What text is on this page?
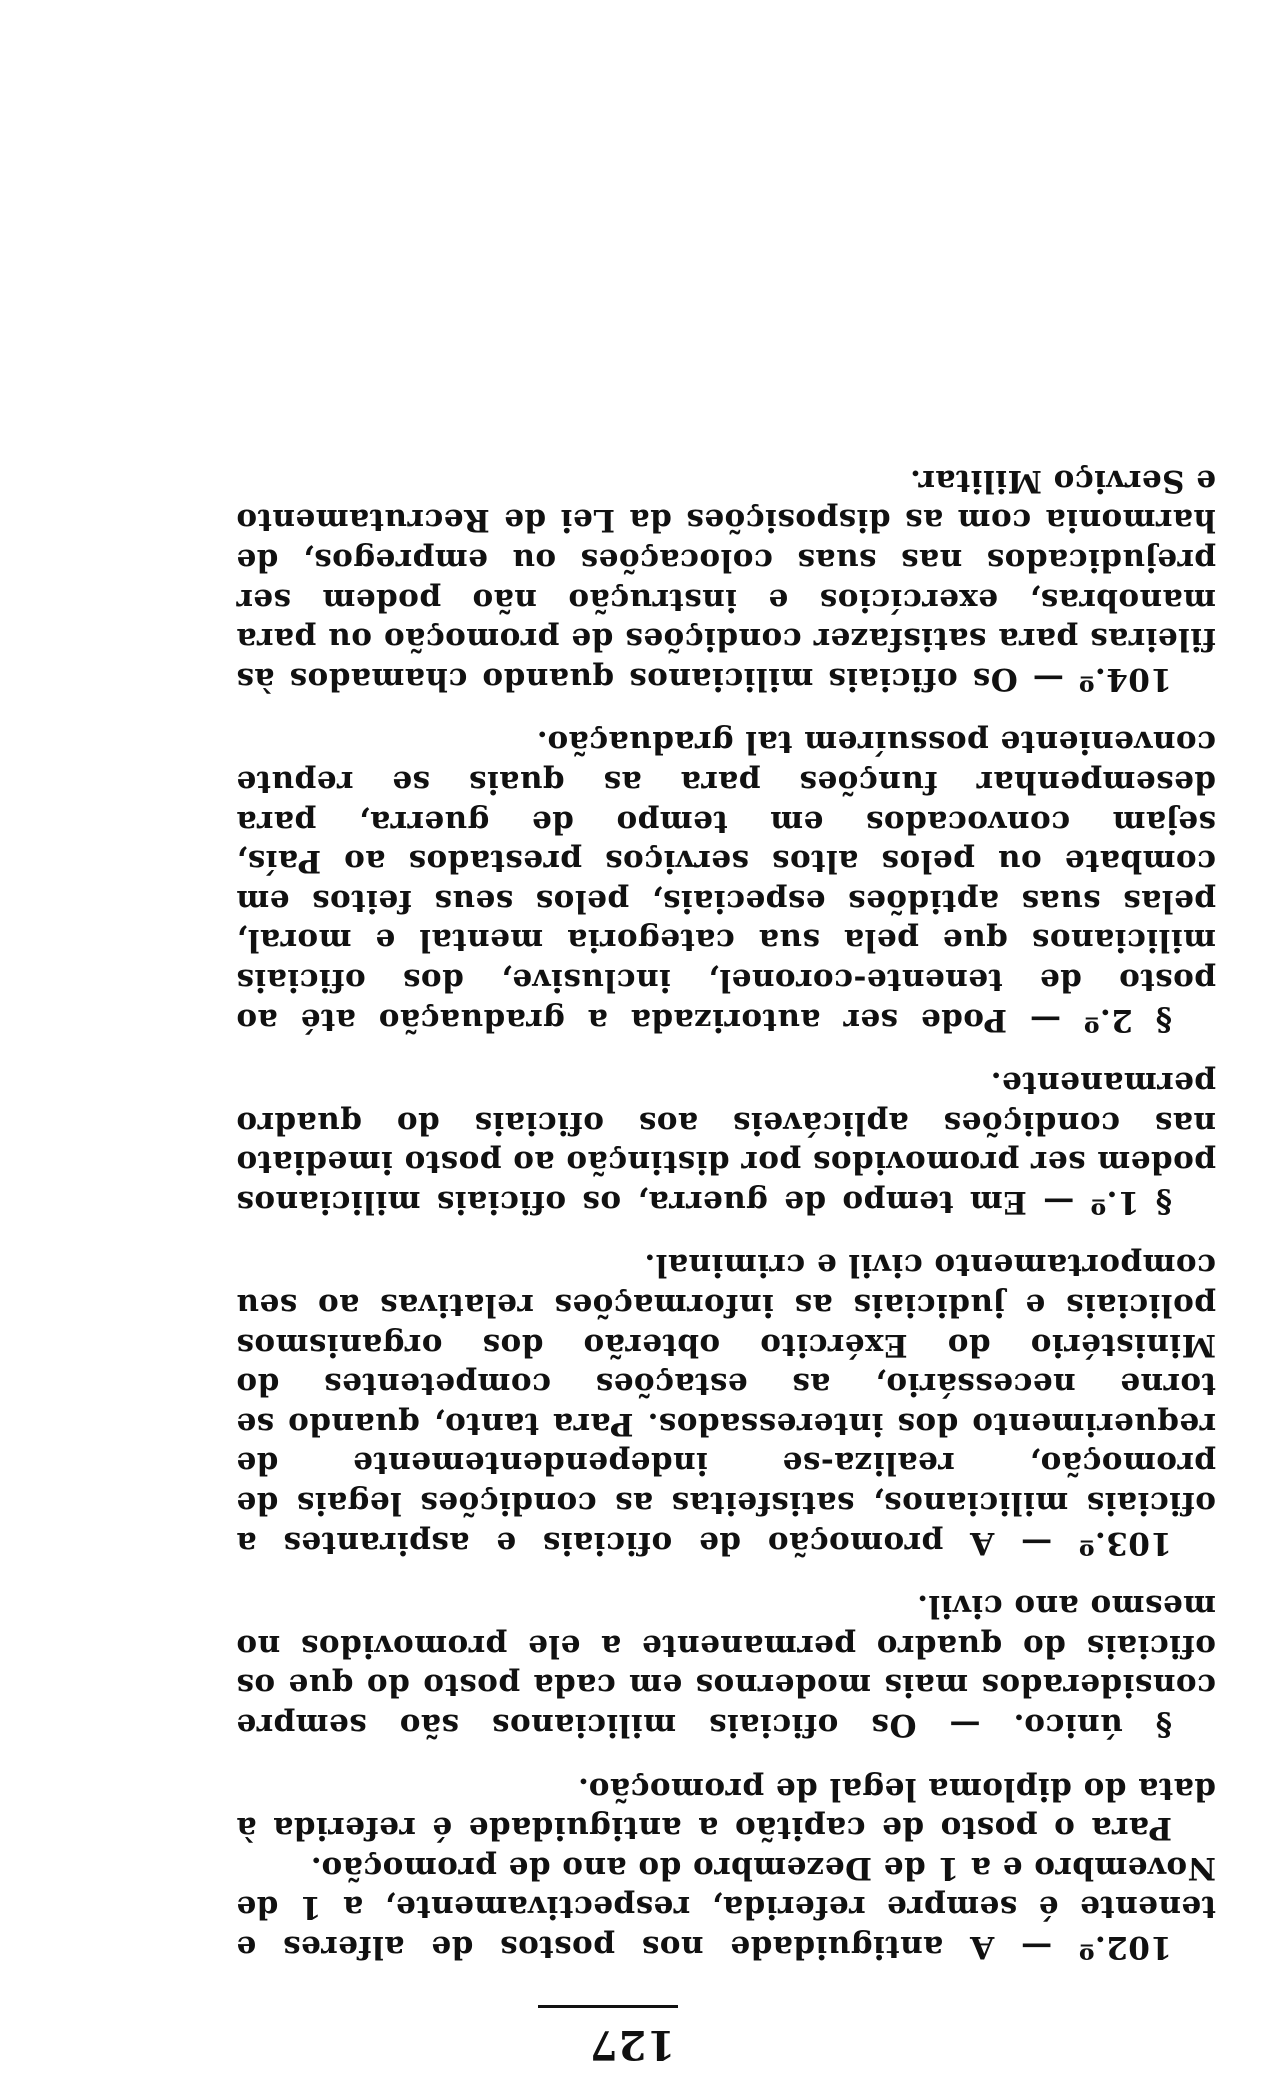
127

102.º — A antiguidade nos postos de alferes e tenente é sempre referida, respectivamente, a 1 de Novembro e a 1 de Dezembro do ano de promoção.

Para o posto de capitão a antiguidade é referida à data do diploma legal de promoção.

§ único. — Os oficiais milicianos são sempre considerados mais modernos em cada posto do que os oficiais do quadro permanente a ele promovidos no mesmo ano civil.

103.º — A promoção de oficiais e aspirantes a oficiais milicianos, satisfeitas as condições legais de promoção, realiza-se independentemente de requerimento dos interessados. Para tanto, quando se torne necessário, as estações competentes do Ministério do Exército obterão dos organismos policiais e judiciais as informações relativas ao seu comportamento civil e criminal.

§ 1.º — Em tempo de guerra, os oficiais milicianos podem ser promovidos por distinção ao posto imediato nas condições aplicáveis aos oficiais do quadro permanente.

§ 2.º — Pode ser autorizada a graduação até ao posto de tenente-coronel, inclusive, dos oficiais milicianos que pela sua categoria mental e moral, pelas suas aptidões especiais, pelos seus feitos em combate ou pelos altos serviços prestados ao País, sejam convocados em tempo de guerra, para desempenhar funções para as quais se repute conveniente possuírem tal graduação.

104.º — Os oficiais milicianos quando chamados às fileiras para satisfazer condições de promoção ou para manobras, exercícios e instrução não podem ser prejudicados nas suas colocações ou empregos, de harmonia com as disposições da Lei de Recrutamento e Serviço Militar.
